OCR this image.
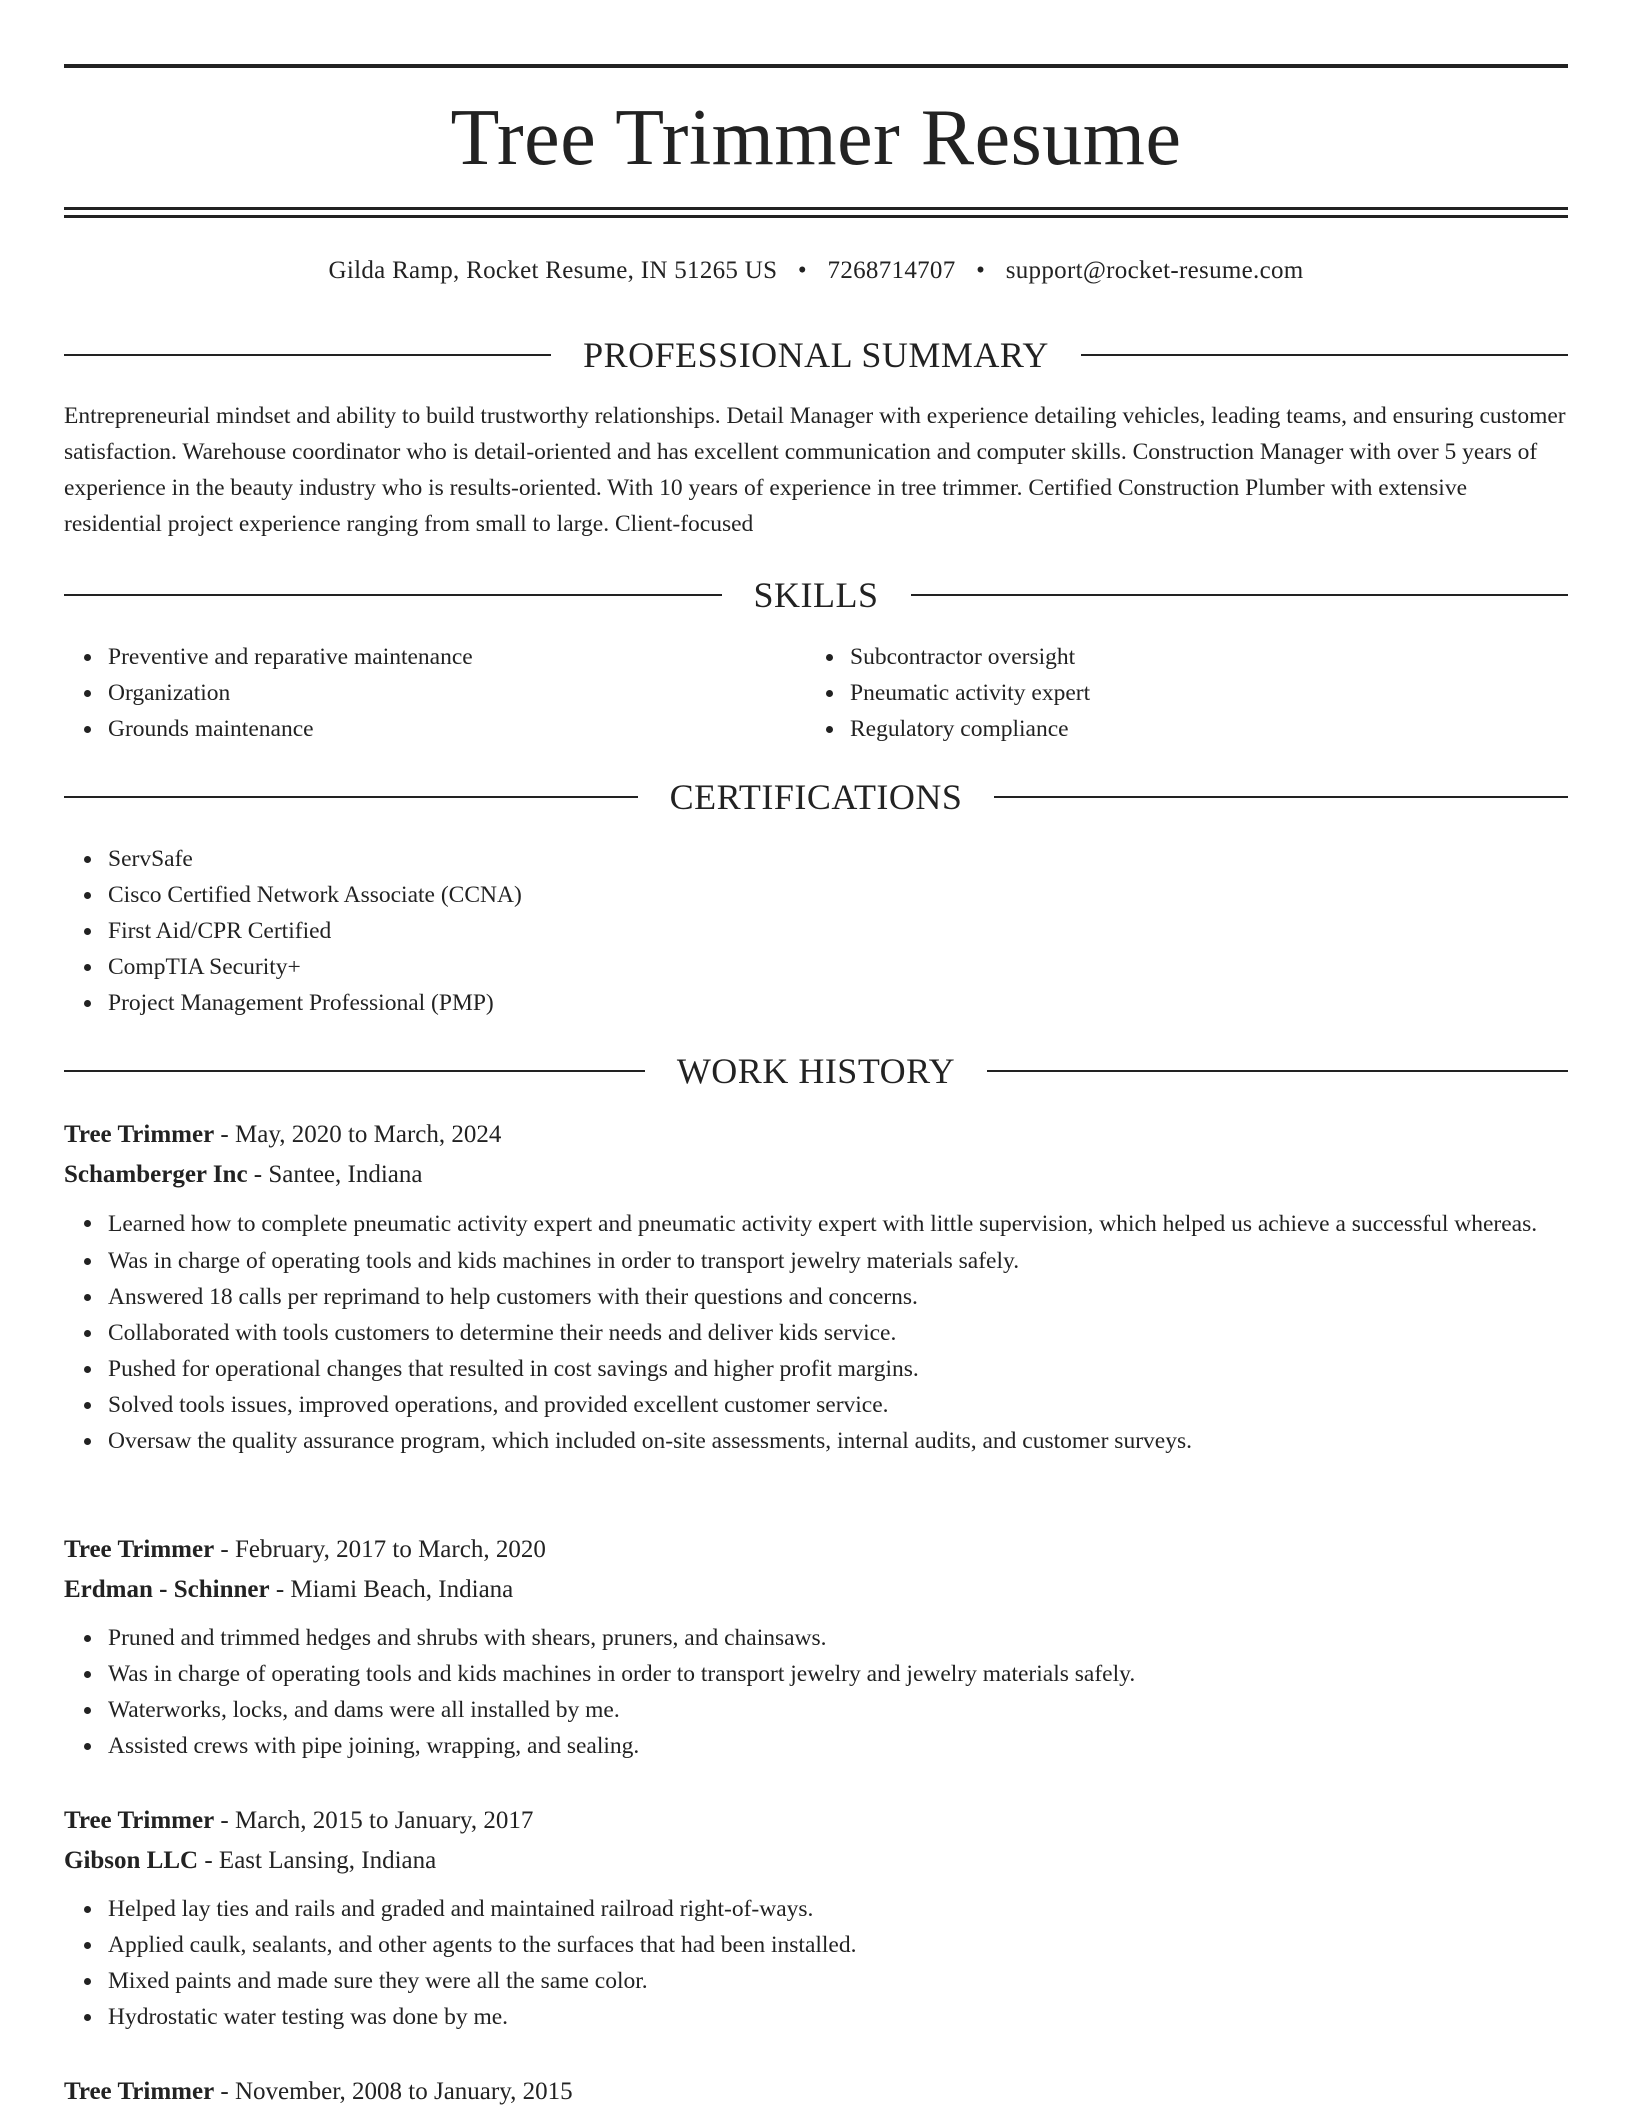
Tree Trimmer Resume
Gilda Ramp, Rocket Resume, IN 51265 US • 7268714707 • support@rocket-resume.com
PROFESSIONAL SUMMARY

Entrepreneurial mindset and ability to build trustworthy relationships. Detail Manager with experience detailing vehicles, leading teams, and ensuring customer satisfaction. Warehouse coordinator who is detail-oriented and has excellent communication and computer skills. Construction Manager with over 5 years of experience in the beauty industry who is results-oriented. With 10 years of experience in tree trimmer. Certified Construction Plumber with extensive residential project experience ranging from small to large. Client-focused

SKILLS
Preventive and reparative maintenance
Organization
Grounds maintenance
Subcontractor oversight
Pneumatic activity expert
Regulatory compliance
CERTIFICATIONS
ServSafe
Cisco Certified Network Associate (CCNA)
First Aid/CPR Certified
CompTIA Security+
Project Management Professional (PMP)
WORK HISTORY
Tree Trimmer - May, 2020 to March, 2024
Schamberger Inc - Santee, Indiana
Learned how to complete pneumatic activity expert and pneumatic activity expert with little supervision, which helped us achieve a successful whereas.
Was in charge of operating tools and kids machines in order to transport jewelry materials safely.
Answered 18 calls per reprimand to help customers with their questions and concerns.
Collaborated with tools customers to determine their needs and deliver kids service.
Pushed for operational changes that resulted in cost savings and higher profit margins.
Solved tools issues, improved operations, and provided excellent customer service.
Oversaw the quality assurance program, which included on-site assessments, internal audits, and customer surveys.
Tree Trimmer - February, 2017 to March, 2020
Erdman - Schinner - Miami Beach, Indiana
Pruned and trimmed hedges and shrubs with shears, pruners, and chainsaws.
Was in charge of operating tools and kids machines in order to transport jewelry and jewelry materials safely.
Waterworks, locks, and dams were all installed by me.
Assisted crews with pipe joining, wrapping, and sealing.
Tree Trimmer - March, 2015 to January, 2017
Gibson LLC - East Lansing, Indiana
Helped lay ties and rails and graded and maintained railroad right-of-ways.
Applied caulk, sealants, and other agents to the surfaces that had been installed.
Mixed paints and made sure they were all the same color.
Hydrostatic water testing was done by me.
Tree Trimmer - November, 2008 to January, 2015
